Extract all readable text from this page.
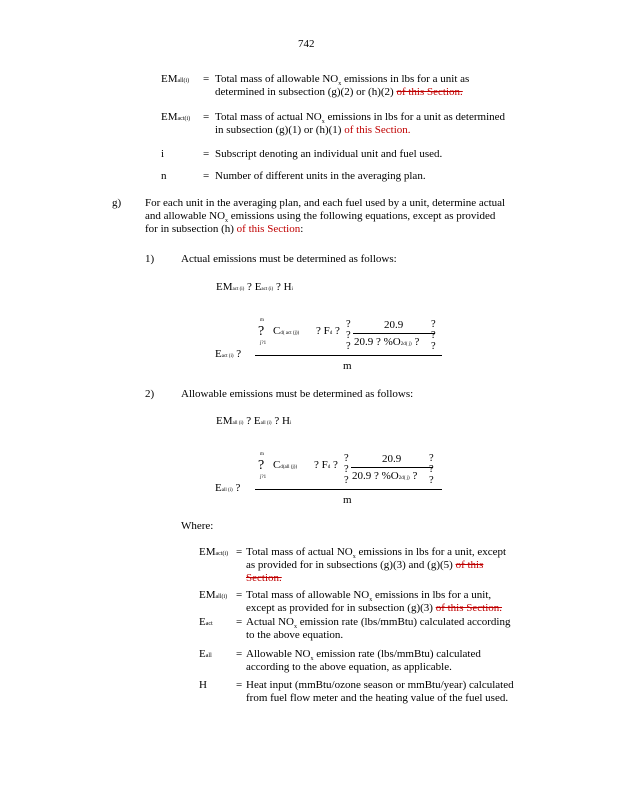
742
EMall(i) = Total mass of allowable $NO_x$ emissions in lbs for a unit as
determined in subsection (g)(2) or (h)(2) of this Section.
EMact(i) = Total mass of actual $NO_x$ emissions in lbs for a unit as determined
in subsection (g)(1) or (h)(1) of this Section.
i	= Subscript denoting an individual unit and fuel used.
n	= Number of different units in the averaging plan.
g) For each unit in the averaging plan, and each fuel used by a unit, determine actual
and allowable $NO_x$ emissions using the following equations, except as provided
for in subsection (h) of this Section:
1) Actual emissions must be determined as follows:
EMact (i) ? Eact (i) ? Hi
m
? Cd( act (j)) ? Fd ?
j?1
?
?
?
20.9
20.9 ? %O2d( j) ?
?
?
?
Eact (i) ?
m
2) Allowable emissions must be determined as follows:
EMall (i) ? Eall (i) ? Hi
m
? Cd(all (j)) ? Fd ?
j?1
?
?
?
20.9
20.9 ? %O2d( j) ?
?
?
?
Eall (i) ?
m
Where:
EMact(i) = Total mass of actual $NO_x$ emissions in lbs for a unit, except
as provided for in subsections (g)(3) and (g)(5) of this
Section.
EMall(i) = Total mass of allowable $NO_x$ emissions in lbs for a unit,
except as provided for in subsection (g)(3) of this Section.
Eact = Actual $NO_x$ emission rate (lbs/mmBtu) calculated according
to the above equation.
Eall = Allowable $NO_x$ emission rate (lbs/mmBtu) calculated
according to the above equation, as applicable.
H	= Heat input (mmBtu/ozone season or mmBtu/year) calculated
from fuel flow meter and the heating value of the fuel used.
